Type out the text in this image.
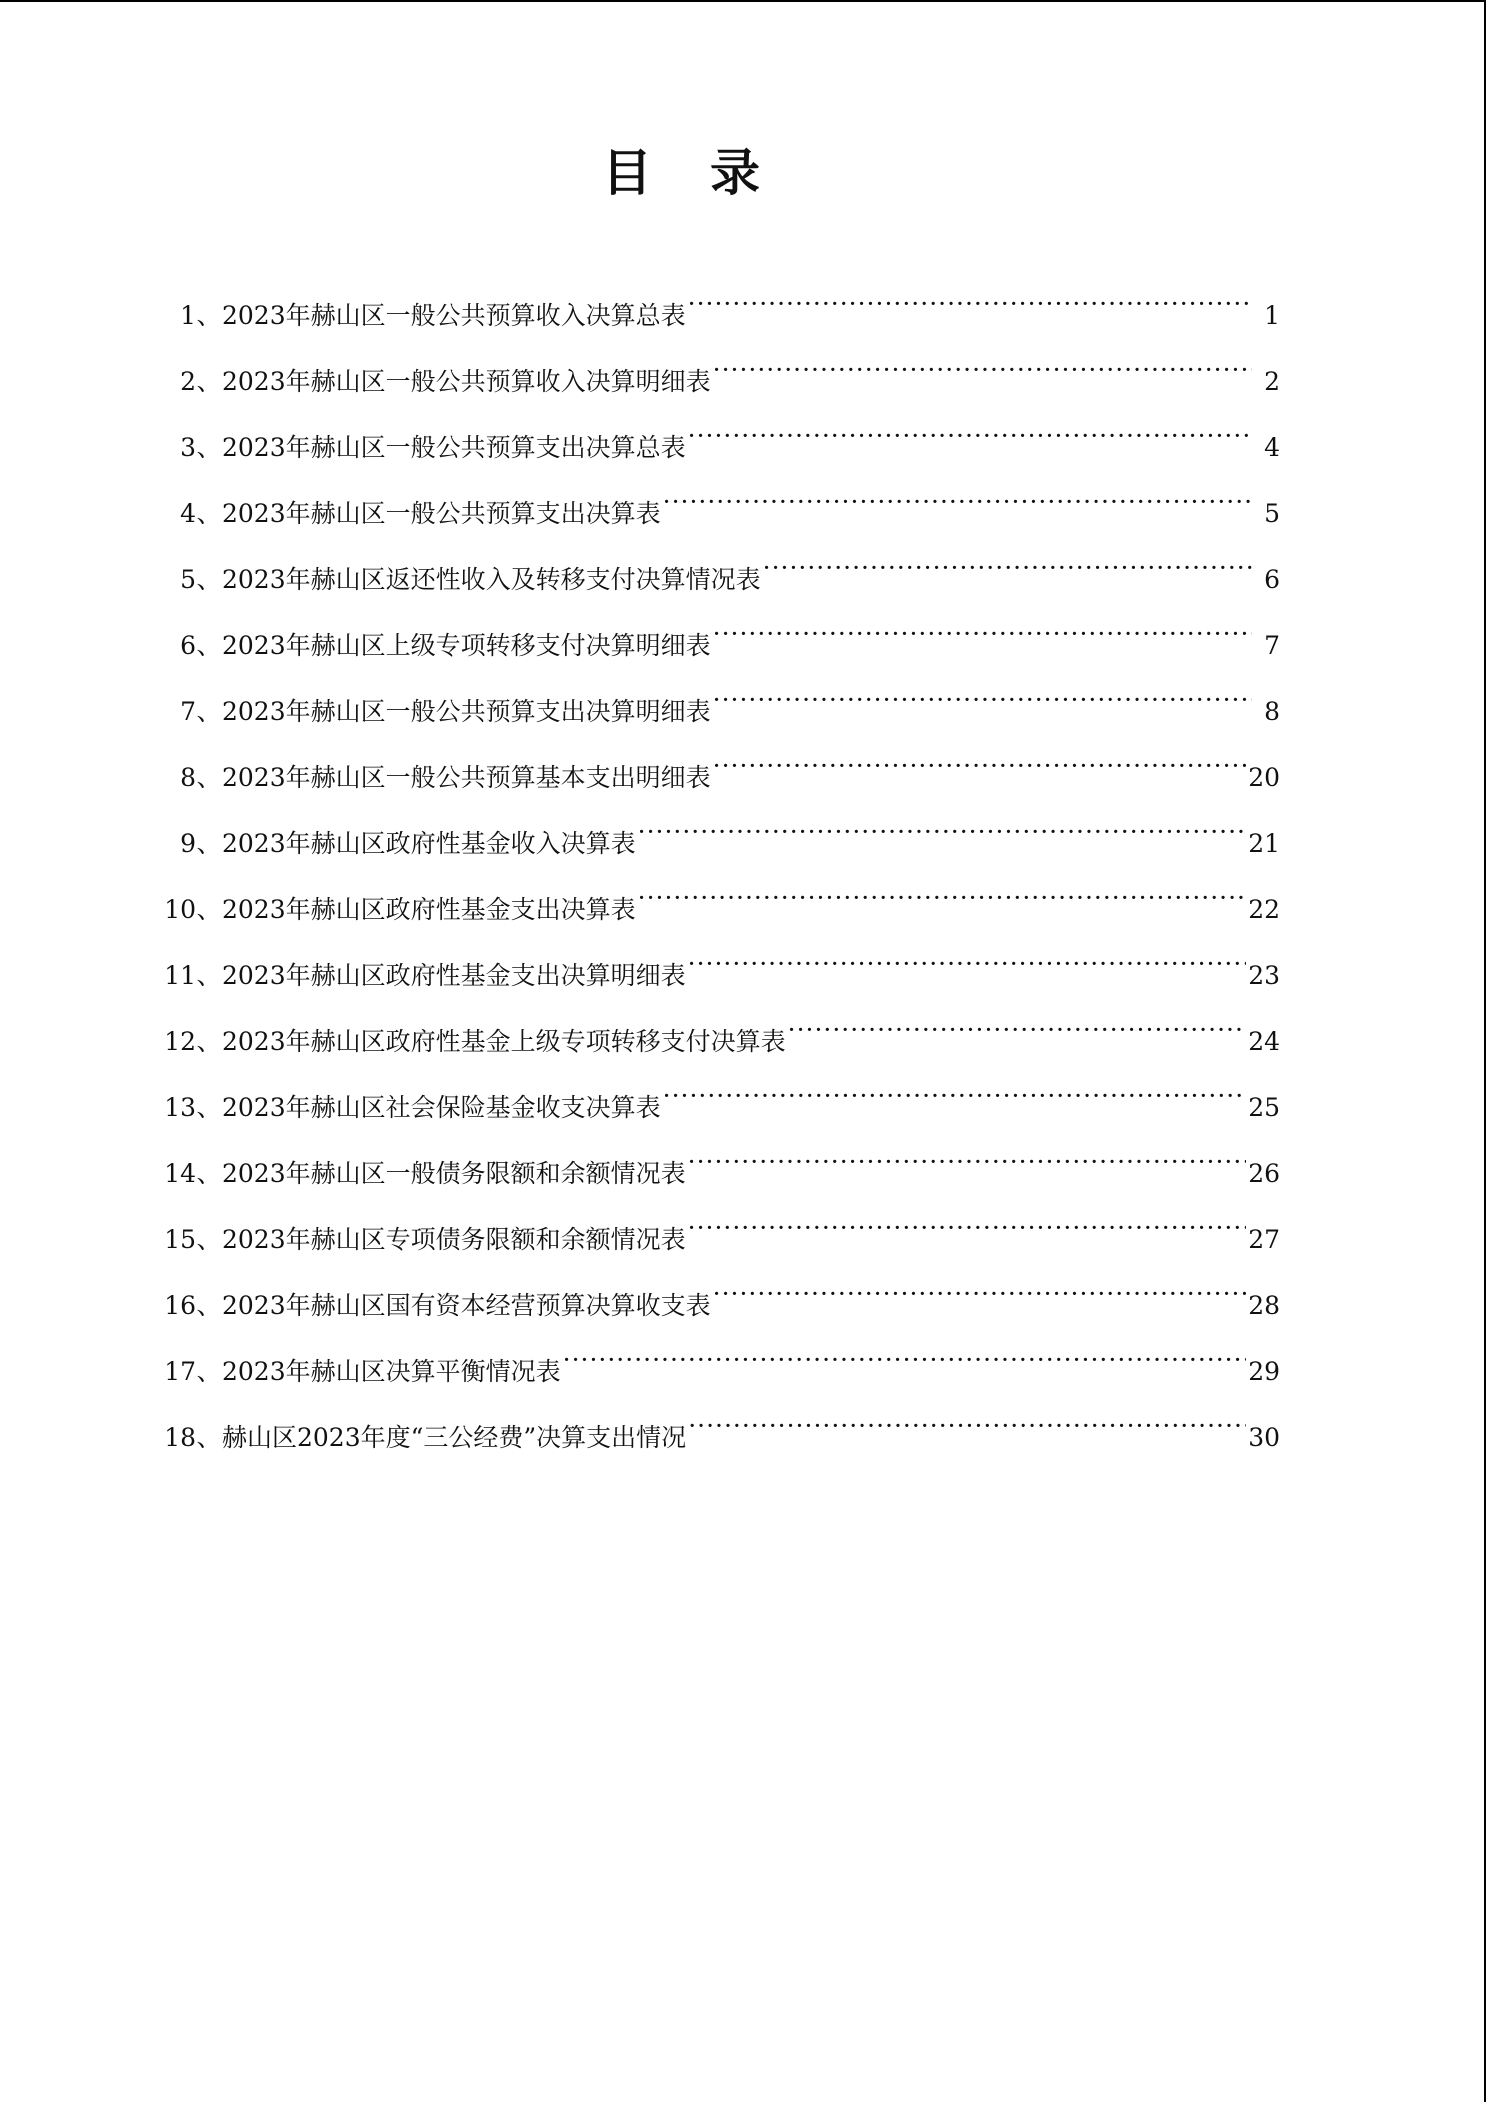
目录
1 、 2023年赫山区一般公共预算收入决算总表 ·····	1
2 、 2023年赫山区一般公共预算收入决算明细表 ·····	2
3 、 2023年赫山区一般公共预算支出决算总表 ·····	4
4 、 2023年赫山区一般公共预算支出决算表 ·····	5
5 、 2023年赫山区返还性收入及转移支付决算情况表 ·····	6
6 、 2023年赫山区上级专项转移支付决算明细表 ·····	7
7 、 2023年赫山区一般公共预算支出决算明细表 ·····	8
8 、 2023年赫山区一般公共预算基本支出明细表 ·····	20
9 、 2023年赫山区政府性基金收入决算表 ·····	21
10 、 2023年赫山区政府性基金支出决算表 ·····	22
11 、 2023年赫山区政府性基金支出决算明细表 ·····	23
12 、 2023年赫山区政府性基金上级专项转移支付决算表 ·····	24
13 、 2023年赫山区社会保险基金收支决算表 ·····	25
14 、 2023年赫山区一般债务限额和余额情况表 ·····	26
15 、 2023年赫山区专项债务限额和余额情况表 ·····	27
16 、 2023年赫山区国有资本经营预算决算收支表 ·····	28
17 、 2023年赫山区决算平衡情况表 ·····	29
18 、 赫山区2023年度“三公经费”决算支出情况 ·····	30
